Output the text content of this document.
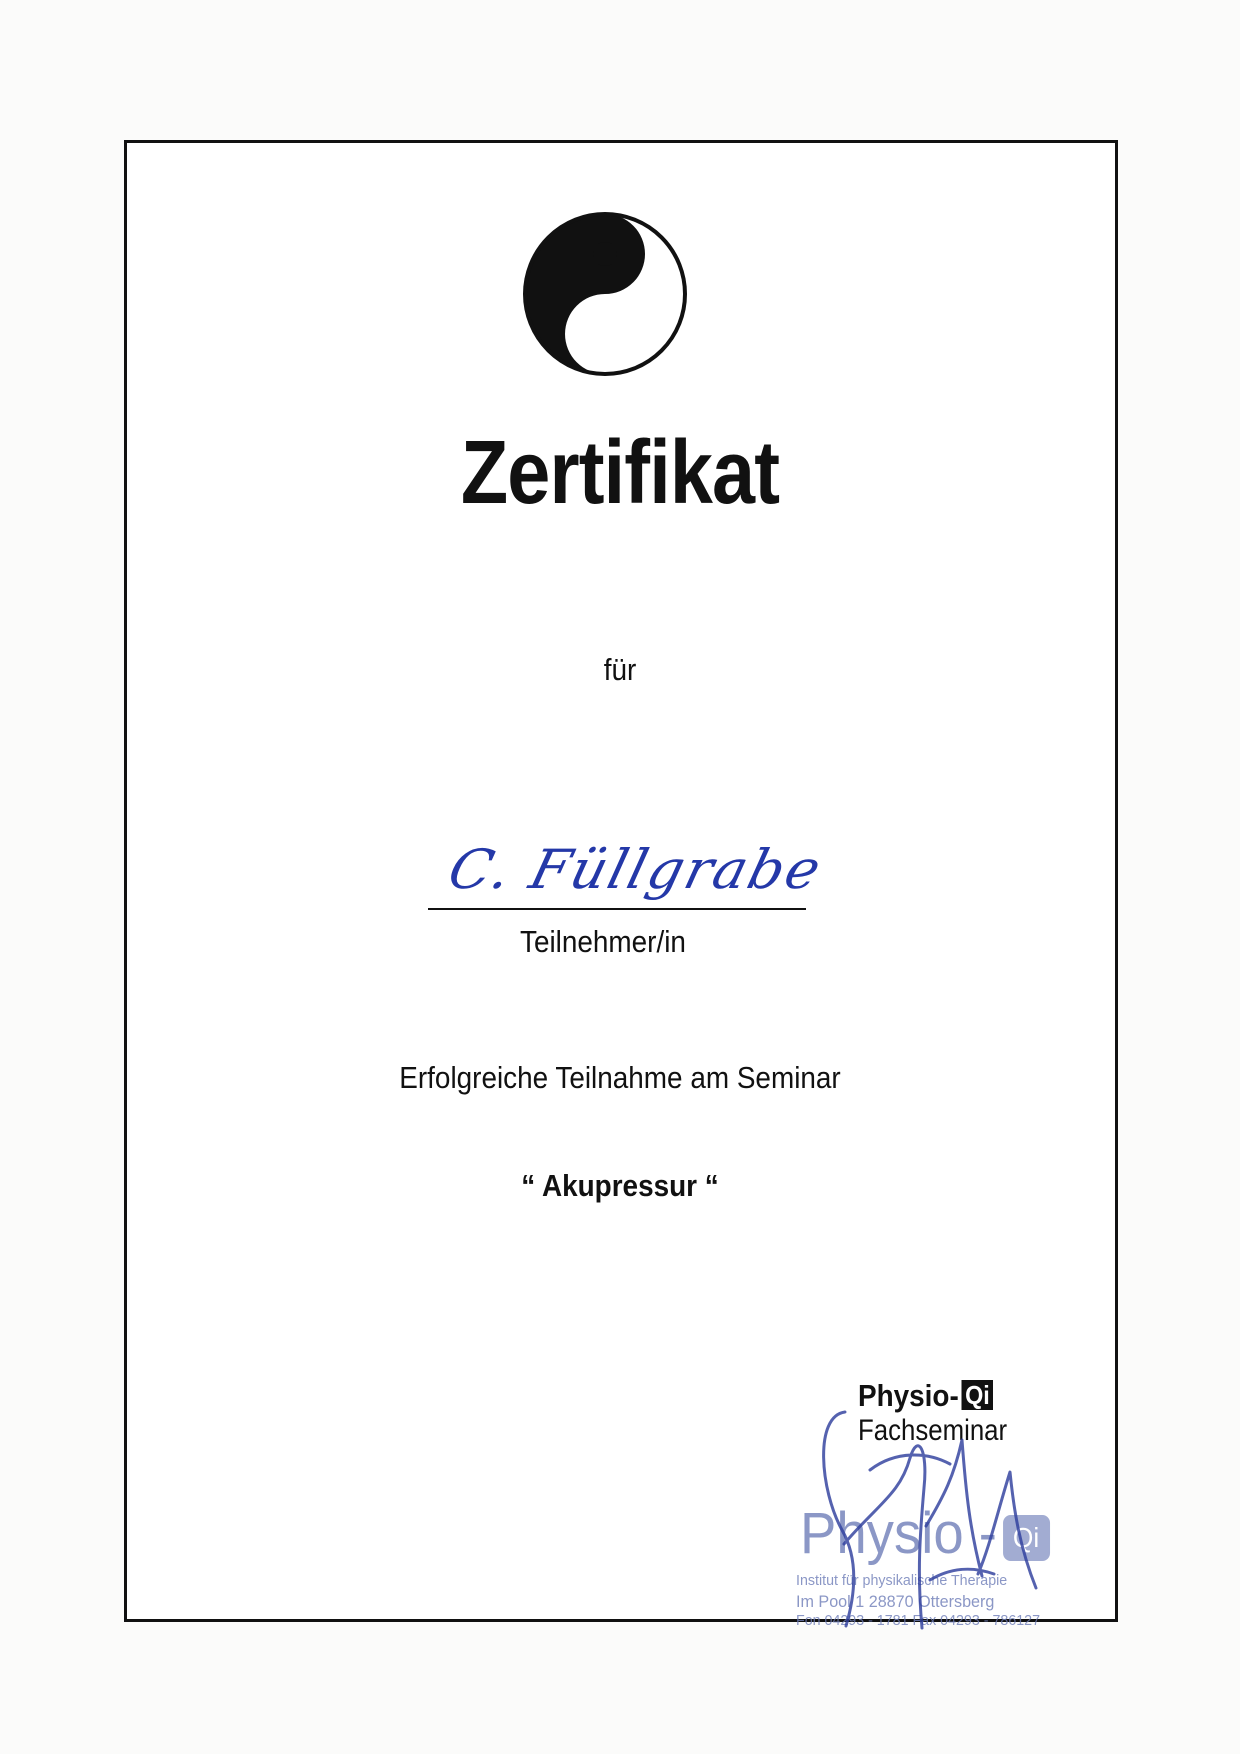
Zertifikat
für
C. Füllgrabe
Teilnehmer/in
Erfolgreiche Teilnahme am Seminar
“ Akupressur “
Physio- Qi
Fachseminar
Physio - Qi
Institut für physikalische Therapie
Im Pool 1 28870 Ottersberg
Fon 04293 - 1781 Fax 04293 - 786127
